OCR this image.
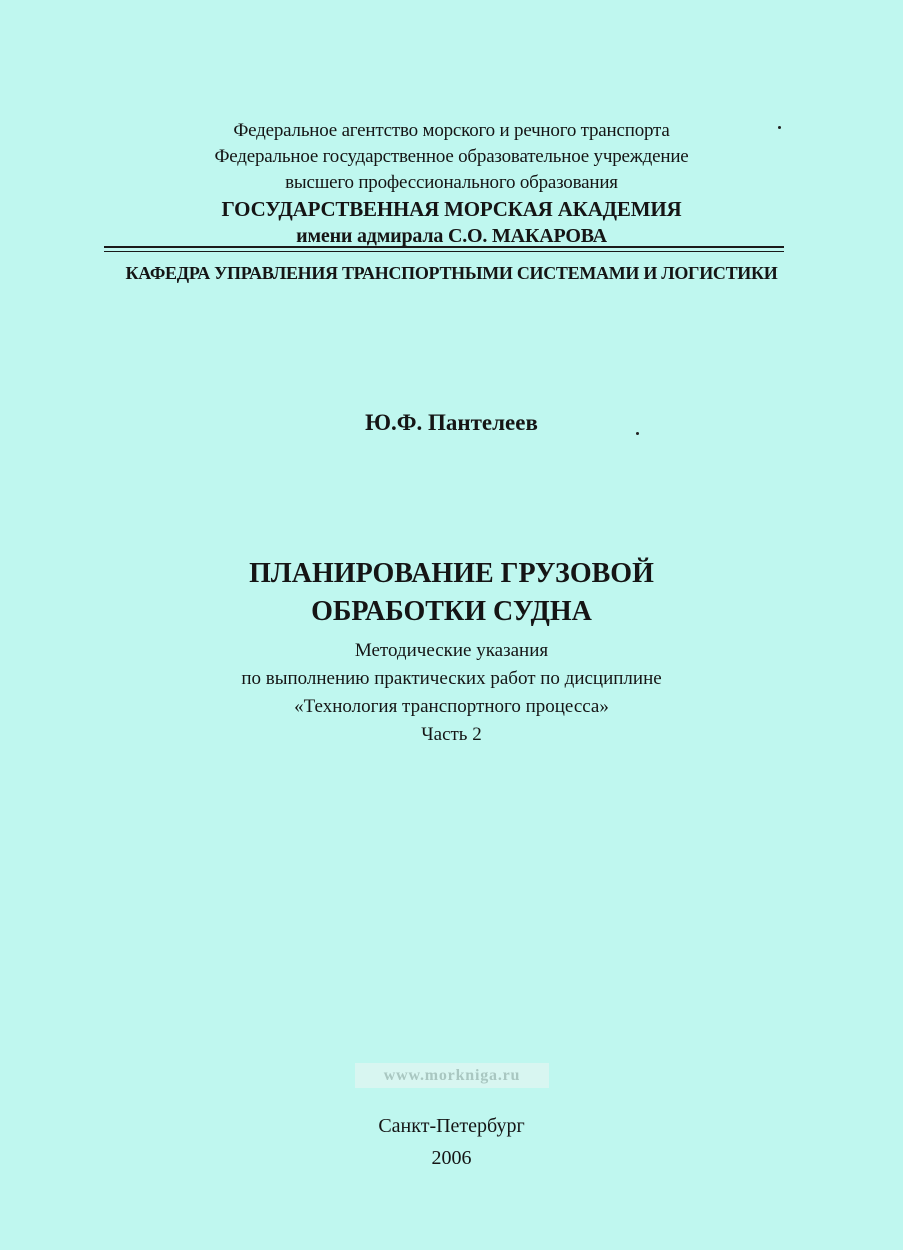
Федеральное агентство морского и речного транспорта
Федеральное государственное образовательное учреждение
высшего профессионального образования
ГОСУДАРСТВЕННАЯ МОРСКАЯ АКАДЕМИЯ
имени адмирала С.О. МАКАРОВА
КАФЕДРА УПРАВЛЕНИЯ ТРАНСПОРТНЫМИ СИСТЕМАМИ И ЛОГИСТИКИ
Ю.Ф. Пантелеев
ПЛАНИРОВАНИЕ ГРУЗОВОЙ
ОБРАБОТКИ СУДНА
Методические указания
по выполнению практических работ по дисциплине
«Технология транспортного процесса»
Часть 2
www.morkniga.ru
Санкт-Петербург
2006
